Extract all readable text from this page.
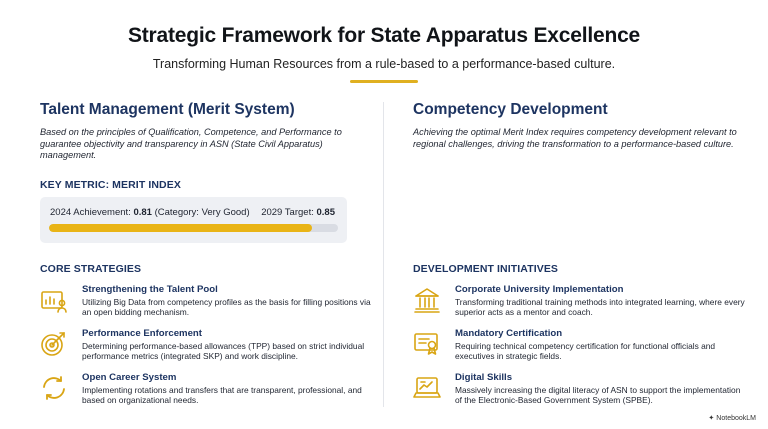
Strategic Framework for State Apparatus Excellence
Transforming Human Resources from a rule-based to a performance-based culture.
Talent Management (Merit System)
Based on the principles of Qualification, Competence, and Performance to guarantee objectivity and transparency in ASN (State Civil Apparatus) management.
KEY METRIC: MERIT INDEX
2024 Achievement: 0.81 (Category: Very Good) 2029 Target: 0.85
CORE STRATEGIES
Strengthening the Talent Pool
Utilizing Big Data from competency profiles as the basis for filling positions via an open bidding mechanism.
Performance Enforcement
Determining performance-based allowances (TPP) based on strict individual performance metrics (integrated SKP) and work discipline.
Open Career System
Implementing rotations and transfers that are transparent, professional, and based on organizational needs.
Competency Development
Achieving the optimal Merit Index requires competency development relevant to regional challenges, driving the transformation to a performance-based culture.
DEVELOPMENT INITIATIVES
Corporate University Implementation
Transforming traditional training methods into integrated learning, where every superior acts as a mentor and coach.
Mandatory Certification
Requiring technical competency certification for functional officials and executives in strategic fields.
Digital Skills
Massively increasing the digital literacy of ASN to support the implementation of the Electronic-Based Government System (SPBE).
✦ NotebookLM
